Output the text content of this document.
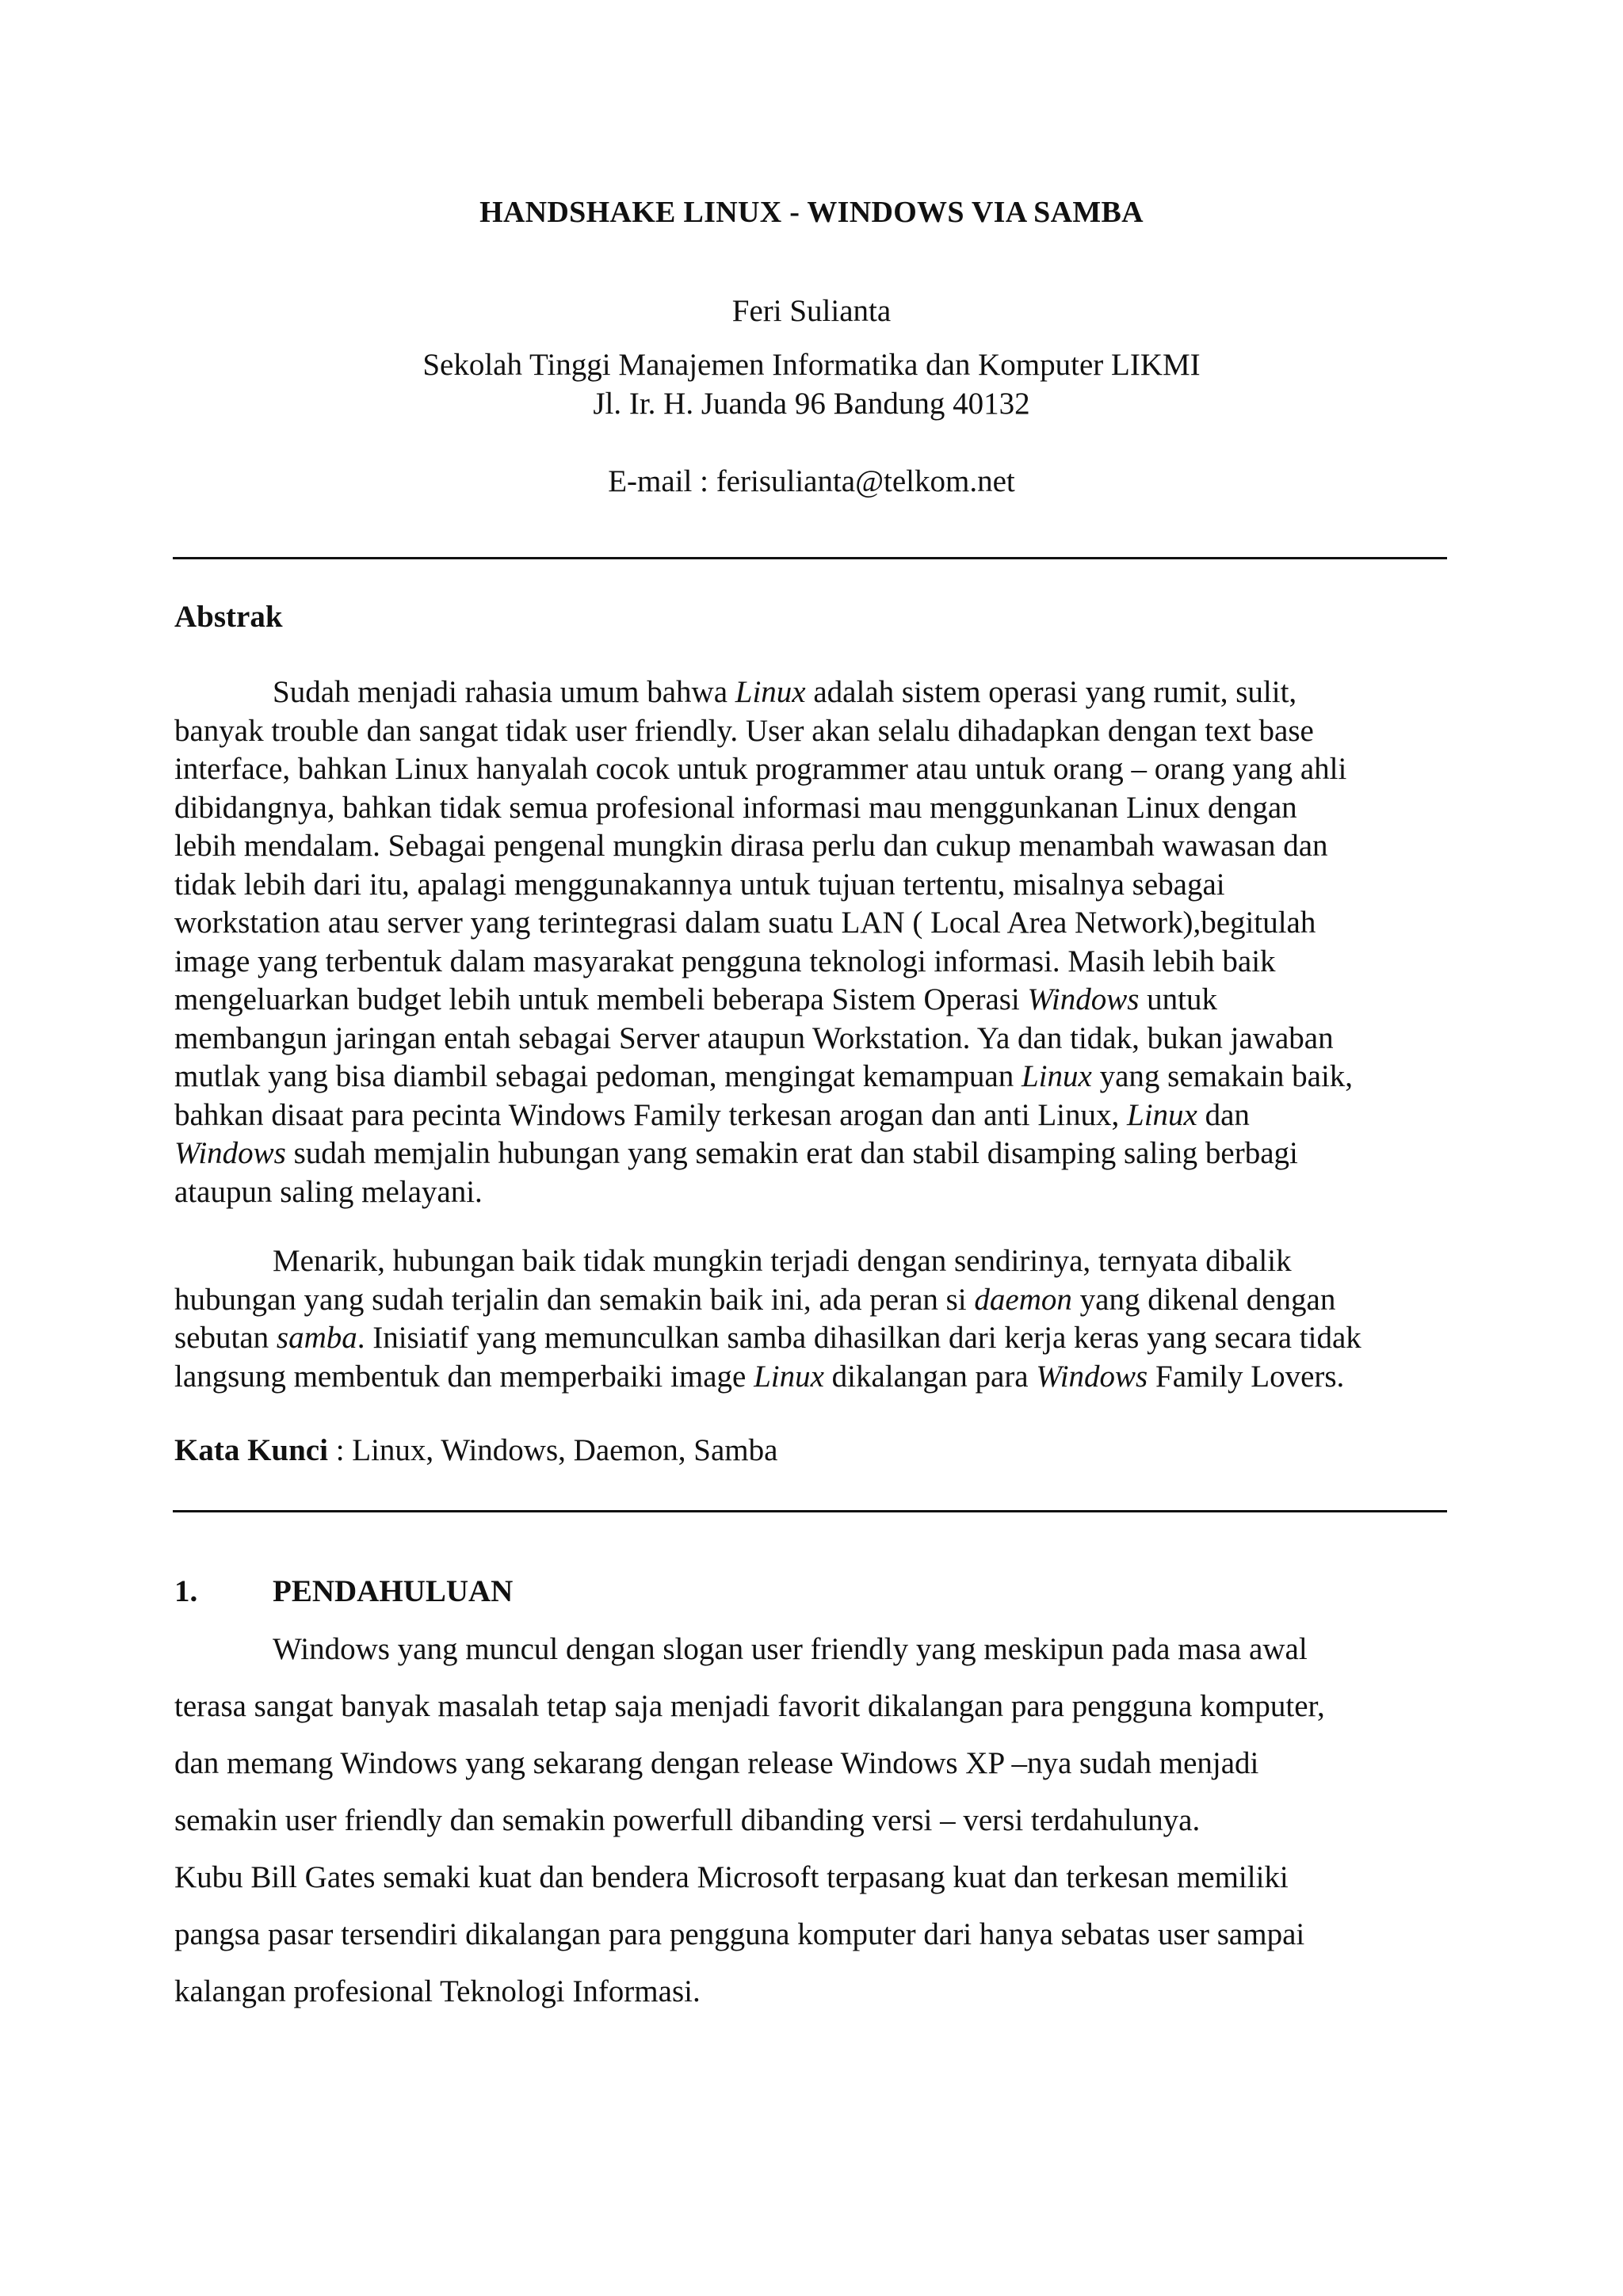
HANDSHAKE LINUX - WINDOWS VIA SAMBA
Feri Sulianta
Sekolah Tinggi Manajemen Informatika dan Komputer LIKMI
Jl. Ir. H. Juanda 96 Bandung 40132
E-mail : ferisulianta@telkom.net
Abstrak
Sudah menjadi rahasia umum bahwa Linux adalah sistem operasi yang rumit, sulit,
banyak trouble dan sangat tidak user friendly. User akan selalu dihadapkan dengan text base
interface, bahkan Linux hanyalah cocok untuk programmer atau untuk orang – orang yang ahli
dibidangnya, bahkan tidak semua profesional informasi mau menggunkanan Linux dengan
lebih mendalam. Sebagai pengenal mungkin dirasa perlu dan cukup menambah wawasan dan
tidak lebih dari itu, apalagi menggunakannya untuk tujuan tertentu, misalnya sebagai
workstation atau server yang terintegrasi dalam suatu LAN ( Local Area Network),begitulah
image yang terbentuk dalam masyarakat pengguna teknologi informasi. Masih lebih baik
mengeluarkan budget lebih untuk membeli beberapa Sistem Operasi Windows untuk
membangun jaringan entah sebagai Server ataupun Workstation. Ya dan tidak, bukan jawaban
mutlak yang bisa diambil sebagai pedoman, mengingat kemampuan Linux yang semakain baik,
bahkan disaat para pecinta Windows Family terkesan arogan dan anti Linux, Linux dan
Windows sudah memjalin hubungan yang semakin erat dan stabil disamping saling berbagi
ataupun saling melayani.
Menarik, hubungan baik tidak mungkin terjadi dengan sendirinya, ternyata dibalik
hubungan yang sudah terjalin dan semakin baik ini, ada peran si daemon yang dikenal dengan
sebutan samba. Inisiatif yang memunculkan samba dihasilkan dari kerja keras yang secara tidak
langsung membentuk dan memperbaiki image Linux dikalangan para Windows Family Lovers.
Kata Kunci : Linux, Windows, Daemon, Samba
1. PENDAHULUAN
Windows yang muncul dengan slogan user friendly yang meskipun pada masa awal
terasa sangat banyak masalah tetap saja menjadi favorit dikalangan para pengguna komputer,
dan memang Windows yang sekarang dengan release Windows XP –nya sudah menjadi
semakin user friendly dan semakin powerfull dibanding versi – versi terdahulunya.
Kubu Bill Gates semaki kuat dan bendera Microsoft terpasang kuat dan terkesan memiliki
pangsa pasar tersendiri dikalangan para pengguna komputer dari hanya sebatas user sampai
kalangan profesional Teknologi Informasi.
